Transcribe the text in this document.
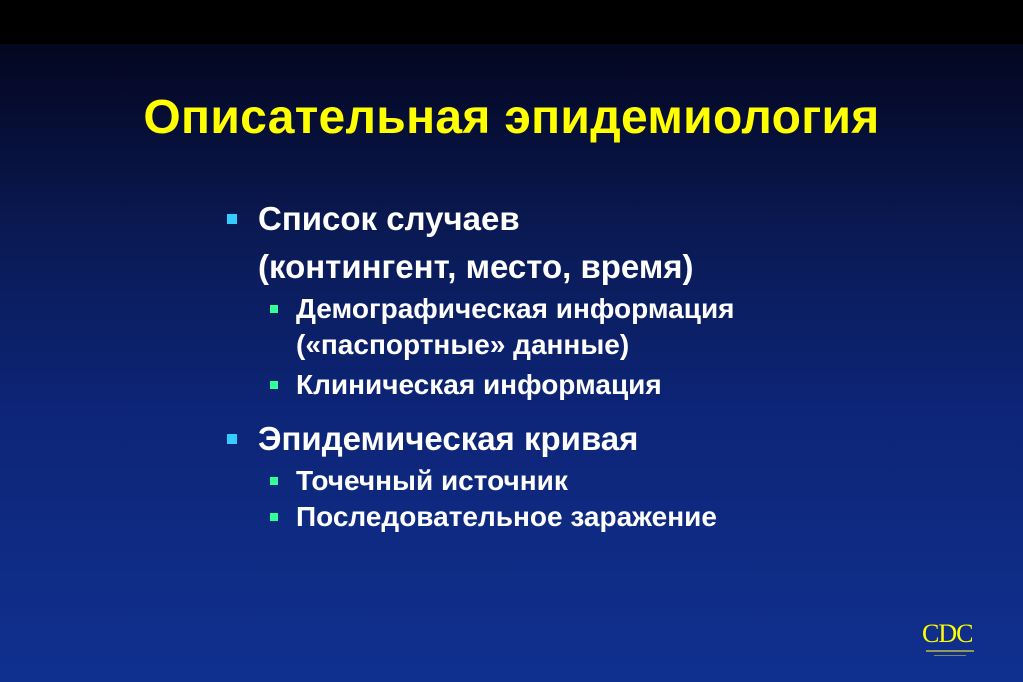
Описательная эпидемиология
Список случаев
(контингент, место, время)
Демографическая информация
(«паспортные» данные)
Клиническая информация
Эпидемическая кривая
Точечный источник
Последовательное заражение
CDC
